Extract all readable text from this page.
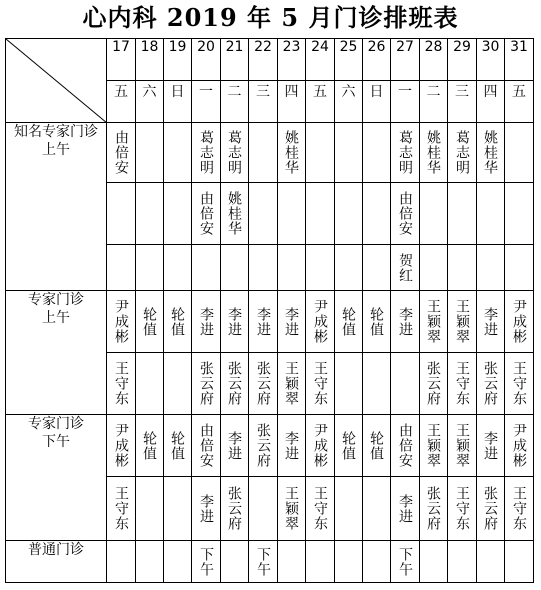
心内科 2019 年 5 月门诊排班表
	17	18	19	20	21	22	23	24	25	26	27	28	29	30	31
	五	六	日	一	二	三	四	五	六	日	一	二	三	四	五

知名专家门诊
上午	由倍安			葛志明	葛志明		姚桂华				葛志明	姚桂华	葛志明	姚桂华	
				由倍安	姚桂华						由倍安				
											贺红				

专家门诊
上午	尹成彬	轮值	轮值	李进	李进	李进	李进	尹成彬	轮值	轮值	李进	王颖翠	王颖翠	李进	尹成彬
	王守东			张云府	张云府	张云府	王颖翠	王守东				张云府	王守东	张云府	王守东

专家门诊
下午	尹成彬	轮值	轮值	由倍安	李进	张云府	李进	尹成彬	轮值	轮值	由倍安	王颖翠	王颖翠	李进	尹成彬
	王守东			李进	张云府		王颖翠	王守东			李进	张云府	王守东	张云府	王守东

普通门诊				下午		下午					下午				
